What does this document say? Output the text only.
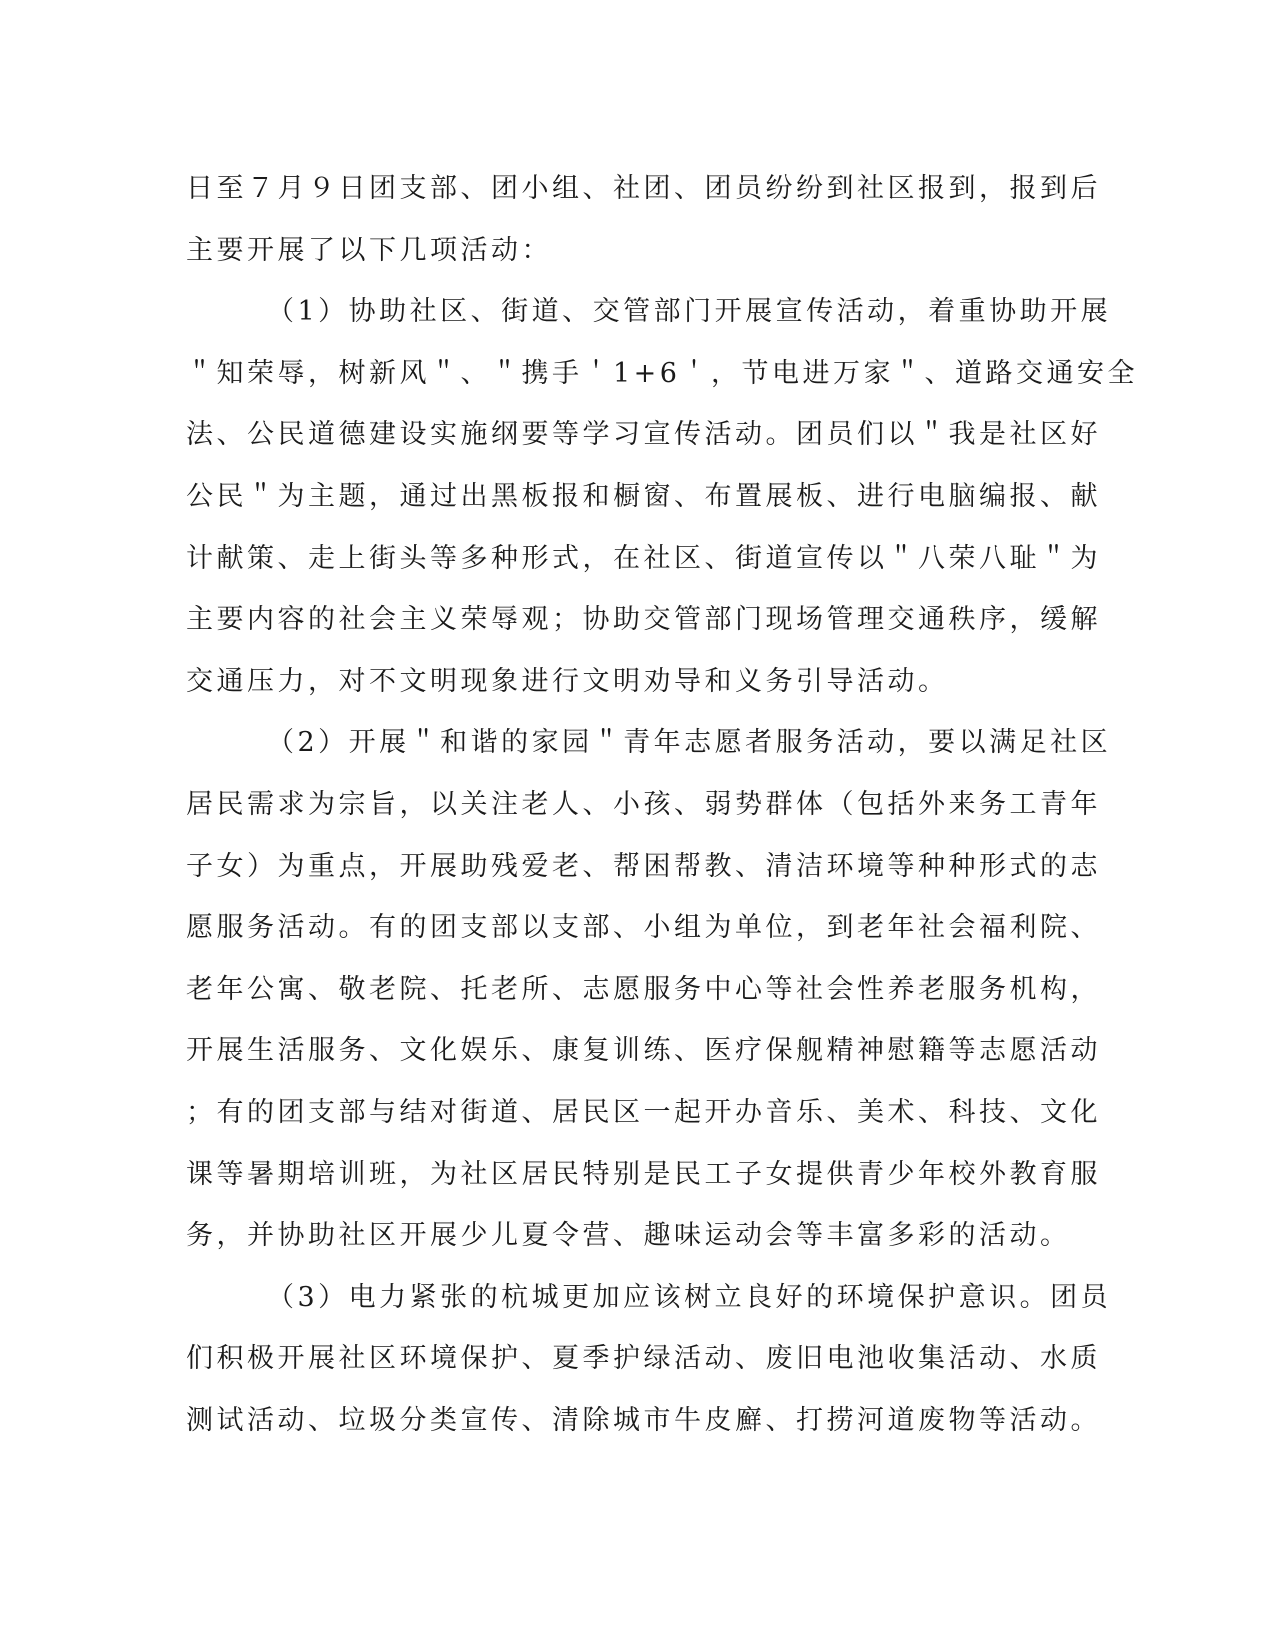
日至７月９日团支部、团小组、社团、团员纷纷到社区报到，报到后
主要开展了以下几项活动：
（1）协助社区、街道、交管部门开展宣传活动，着重协助开展
＂知荣辱，树新风＂、＂携手＇1+6＇，节电进万家＂、道路交通安全
法、公民道德建设实施纲要等学习宣传活动。团员们以＂我是社区好
公民＂为主题，通过出黑板报和橱窗、布置展板、进行电脑编报、献
计献策、走上街头等多种形式，在社区、街道宣传以＂八荣八耻＂为
主要内容的社会主义荣辱观；协助交管部门现场管理交通秩序，缓解
交通压力，对不文明现象进行文明劝导和义务引导活动。
（2）开展＂和谐的家园＂青年志愿者服务活动，要以满足社区
居民需求为宗旨，以关注老人、小孩、弱势群体（包括外来务工青年
子女）为重点，开展助残爱老、帮困帮教、清洁环境等种种形式的志
愿服务活动。有的团支部以支部、小组为单位，到老年社会福利院、
老年公寓、敬老院、托老所、志愿服务中心等社会性养老服务机构，
开展生活服务、文化娱乐、康复训练、医疗保舰精神慰籍等志愿活动
；有的团支部与结对街道、居民区一起开办音乐、美术、科技、文化
课等暑期培训班，为社区居民特别是民工子女提供青少年校外教育服
务，并协助社区开展少儿夏令营、趣味运动会等丰富多彩的活动。
（3）电力紧张的杭城更加应该树立良好的环境保护意识。团员
们积极开展社区环境保护、夏季护绿活动、废旧电池收集活动、水质
测试活动、垃圾分类宣传、清除城市牛皮廯、打捞河道废物等活动。
